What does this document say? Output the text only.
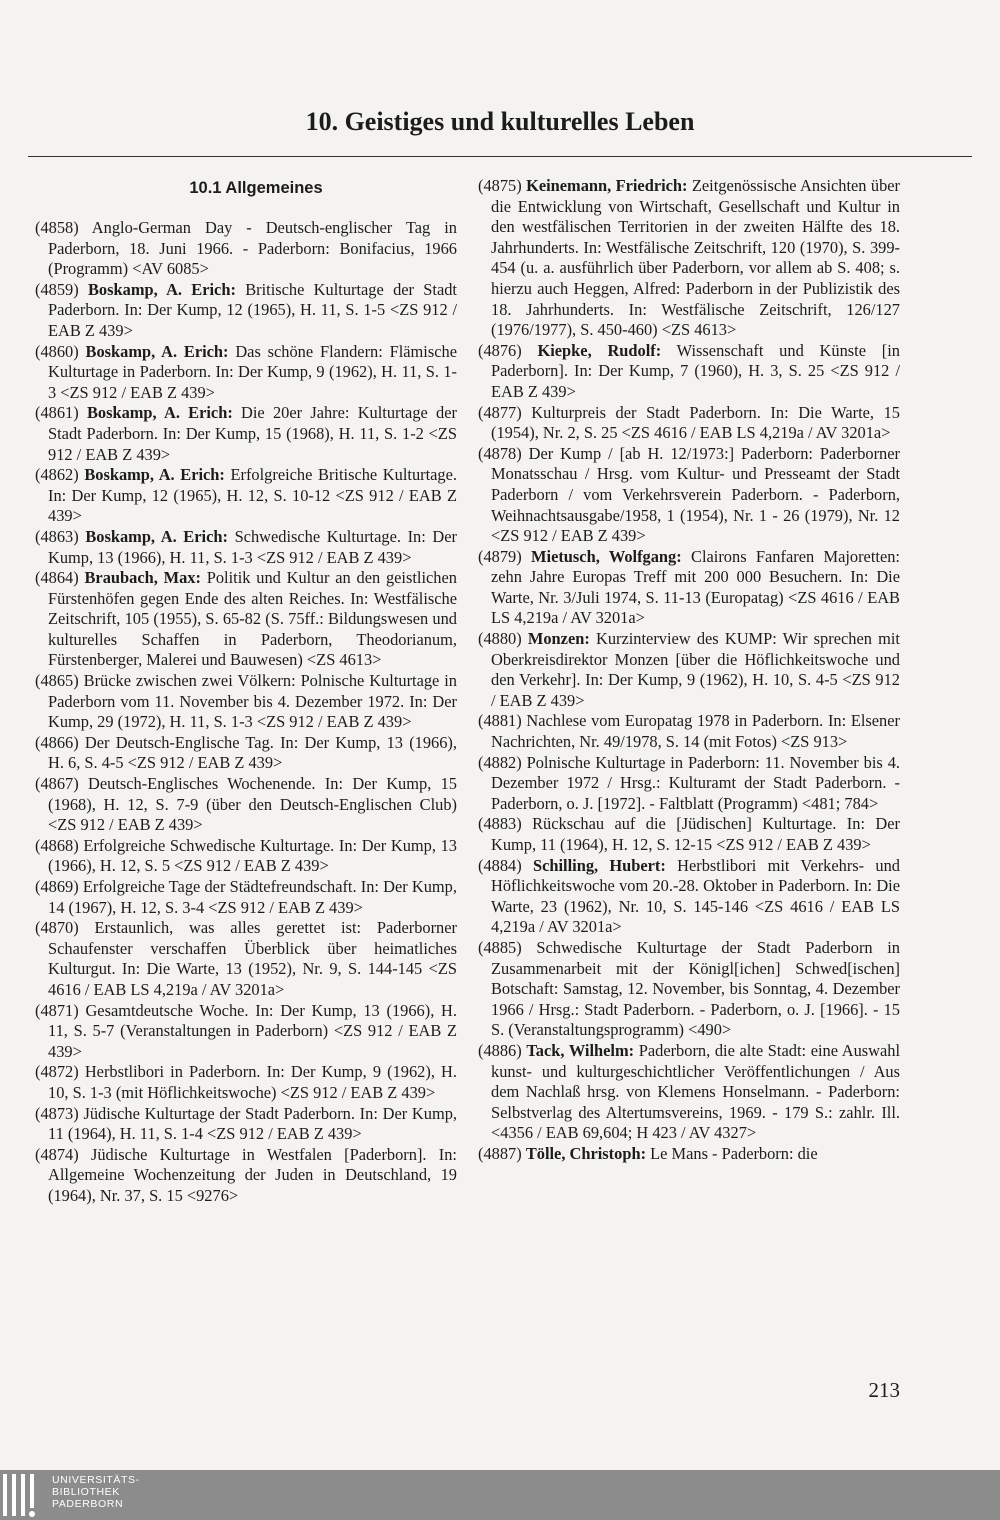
10. Geistiges und kulturelles Leben
10.1 Allgemeines

(4858) Anglo-German Day - Deutsch-englischer Tag in Paderborn, 18. Juni 1966. - Paderborn: Bonifacius, 1966 (Programm) <AV 6085>

(4859) Boskamp, A. Erich: Britische Kulturtage der Stadt Paderborn. In: Der Kump, 12 (1965), H. 11, S. 1-5 <ZS 912 / EAB Z 439>

(4860) Boskamp, A. Erich: Das schöne Flandern: Flämische Kulturtage in Paderborn. In: Der Kump, 9 (1962), H. 11, S. 1-3 <ZS 912 / EAB Z 439>

(4861) Boskamp, A. Erich: Die 20er Jahre: Kulturtage der Stadt Paderborn. In: Der Kump, 15 (1968), H. 11, S. 1-2 <ZS 912 / EAB Z 439>

(4862) Boskamp, A. Erich: Erfolgreiche Britische Kulturtage. In: Der Kump, 12 (1965), H. 12, S. 10-12 <ZS 912 / EAB Z 439>

(4863) Boskamp, A. Erich: Schwedische Kulturtage. In: Der Kump, 13 (1966), H. 11, S. 1-3 <ZS 912 / EAB Z 439>

(4864) Braubach, Max: Politik und Kultur an den geistlichen Fürstenhöfen gegen Ende des alten Reiches. In: Westfälische Zeitschrift, 105 (1955), S. 65-82 (S. 75ff.: Bildungswesen und kulturelles Schaffen in Paderborn, Theodorianum, Fürstenberger, Malerei und Bauwesen) <ZS 4613>

(4865) Brücke zwischen zwei Völkern: Polnische Kulturtage in Paderborn vom 11. November bis 4. Dezember 1972. In: Der Kump, 29 (1972), H. 11, S. 1-3 <ZS 912 / EAB Z 439>

(4866) Der Deutsch-Englische Tag. In: Der Kump, 13 (1966), H. 6, S. 4-5 <ZS 912 / EAB Z 439>

(4867) Deutsch-Englisches Wochenende. In: Der Kump, 15 (1968), H. 12, S. 7-9 (über den Deutsch-Englischen Club) <ZS 912 / EAB Z 439>

(4868) Erfolgreiche Schwedische Kulturtage. In: Der Kump, 13 (1966), H. 12, S. 5 <ZS 912 / EAB Z 439>

(4869) Erfolgreiche Tage der Städtefreundschaft. In: Der Kump, 14 (1967), H. 12, S. 3-4 <ZS 912 / EAB Z 439>

(4870) Erstaunlich, was alles gerettet ist: Paderborner Schaufenster verschaffen Überblick über heimatliches Kulturgut. In: Die Warte, 13 (1952), Nr. 9, S. 144-145 <ZS 4616 / EAB LS 4,219a / AV 3201a>

(4871) Gesamtdeutsche Woche. In: Der Kump, 13 (1966), H. 11, S. 5-7 (Veranstaltungen in Paderborn) <ZS 912 / EAB Z 439>

(4872) Herbstlibori in Paderborn. In: Der Kump, 9 (1962), H. 10, S. 1-3 (mit Höflichkeitswoche) <ZS 912 / EAB Z 439>

(4873) Jüdische Kulturtage der Stadt Paderborn. In: Der Kump, 11 (1964), H. 11, S. 1-4 <ZS 912 / EAB Z 439>

(4874) Jüdische Kulturtage in Westfalen [Paderborn]. In: Allgemeine Wochenzeitung der Juden in Deutschland, 19 (1964), Nr. 37, S. 15 <9276>

(4875) Keinemann, Friedrich: Zeitgenössische Ansichten über die Entwicklung von Wirtschaft, Gesellschaft und Kultur in den westfälischen Territorien in der zweiten Hälfte des 18. Jahrhunderts. In: Westfälische Zeitschrift, 120 (1970), S. 399-454 (u. a. ausführlich über Paderborn, vor allem ab S. 408; s. hierzu auch Heggen, Alfred: Paderborn in der Publizistik des 18. Jahrhunderts. In: Westfälische Zeitschrift, 126/127 (1976/1977), S. 450-460) <ZS 4613>

(4876) Kiepke, Rudolf: Wissenschaft und Künste [in Paderborn]. In: Der Kump, 7 (1960), H. 3, S. 25 <ZS 912 / EAB Z 439>

(4877) Kulturpreis der Stadt Paderborn. In: Die Warte, 15 (1954), Nr. 2, S. 25 <ZS 4616 / EAB LS 4,219a / AV 3201a>

(4878) Der Kump / [ab H. 12/1973:] Paderborn: Paderborner Monatsschau / Hrsg. vom Kultur- und Presseamt der Stadt Paderborn / vom Verkehrsverein Paderborn. - Paderborn, Weihnachtsausgabe/1958, 1 (1954), Nr. 1 - 26 (1979), Nr. 12 <ZS 912 / EAB Z 439>

(4879) Mietusch, Wolfgang: Clairons Fanfaren Majoretten: zehn Jahre Europas Treff mit 200 000 Besuchern. In: Die Warte, Nr. 3/Juli 1974, S. 11-13 (Europatag) <ZS 4616 / EAB LS 4,219a / AV 3201a>

(4880) Monzen: Kurzinterview des KUMP: Wir sprechen mit Oberkreisdirektor Monzen [über die Höflichkeitswoche und den Verkehr]. In: Der Kump, 9 (1962), H. 10, S. 4-5 <ZS 912 / EAB Z 439>

(4881) Nachlese vom Europatag 1978 in Paderborn. In: Elsener Nachrichten, Nr. 49/1978, S. 14 (mit Fotos) <ZS 913>

(4882) Polnische Kulturtage in Paderborn: 11. November bis 4. Dezember 1972 / Hrsg.: Kulturamt der Stadt Paderborn. - Paderborn, o. J. [1972]. - Faltblatt (Programm) <481; 784>

(4883) Rückschau auf die [Jüdischen] Kulturtage. In: Der Kump, 11 (1964), H. 12, S. 12-15 <ZS 912 / EAB Z 439>

(4884) Schilling, Hubert: Herbstlibori mit Verkehrs- und Höflichkeitswoche vom 20.-28. Oktober in Paderborn. In: Die Warte, 23 (1962), Nr. 10, S. 145-146 <ZS 4616 / EAB LS 4,219a / AV 3201a>

(4885) Schwedische Kulturtage der Stadt Paderborn in Zusammenarbeit mit der Königl[ichen] Schwed[ischen] Botschaft: Samstag, 12. November, bis Sonntag, 4. Dezember 1966 / Hrsg.: Stadt Paderborn. - Paderborn, o. J. [1966]. - 15 S. (Veranstaltungsprogramm) <490>

(4886) Tack, Wilhelm: Paderborn, die alte Stadt: eine Auswahl kunst- und kulturgeschichtlicher Veröffentlichungen / Aus dem Nachlaß hrsg. von Klemens Honselmann. - Paderborn: Selbstverlag des Altertumsvereins, 1969. - 179 S.: zahlr. Ill. <4356 / EAB 69,604; H 423 / AV 4327>

(4887) Tölle, Christoph: Le Mans - Paderborn: die

213
UNIVERSITÄTS-
BIBLIOTHEK
PADERBORN
